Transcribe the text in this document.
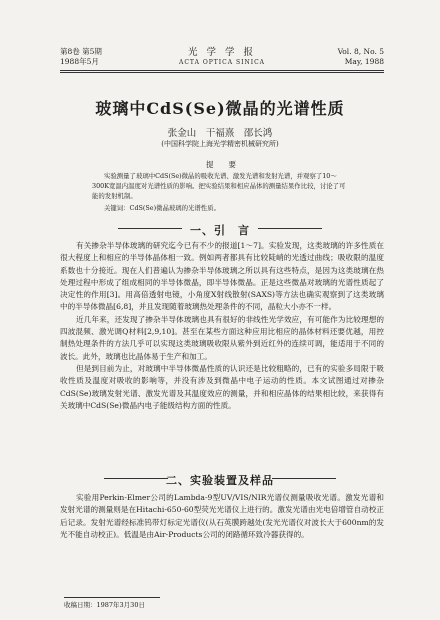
第8卷 第5期
1988年5月
光 学 学 报
ACTA OPTICA SINICA
Vol. 8, No. 5
May, 1988
玻璃中CdS(Se)微晶的光谱性质
张金山　干福熹　邵长鸿
(中国科学院上海光学精密机械研究所)
提　　要

实验测量了玻璃中CdS(Se)微晶的吸收光谱、激发光谱和发射光谱，并观察了10～300K宽温内温度对光谱性质的影响。把实验结果和相应晶体的测量结果作比较，讨论了可能的发射机制。

关键词：CdS(Se)微晶玻璃的光谱性质。

一、引　言

有关掺杂半导体玻璃的研究迄今已有不少的报道[1～7]。实验发现，这类玻璃的许多性质在很大程度上和相应的半导体晶体相一致。例如两者都具有比较陡峭的光透过曲线；吸收限的温度系数也十分接近。现在人们普遍认为掺杂半导体玻璃之所以具有这些特点，是因为这类玻璃在热处理过程中形成了组成相同的半导体微晶，即半导体微晶。正是这些微晶对玻璃的光谱性质起了决定性的作用[3]。用高倍透射电镜，小角度X射线散射(SAXS)等方法也确实观察到了这类玻璃中的半导体微晶[6,8]，并且发现随着玻璃热处理条件的不同，晶粒大小亦不一样。

近几年来，还发现了掺杂半导体玻璃也具有很好的非线性光学效应，有可能作为比较理想的四波混频、激光调Q材料[2,9,10]。甚至在某些方面这种应用比相应的晶体材料还要优越，用控制热处理条件的方法几乎可以实现这类玻璃吸收限从紫外到近红外的连续可调，能适用于不同的波长。此外，玻璃也比晶体易于生产和加工。

但是到目前为止，对玻璃中半导体微晶性质的认识还是比较粗略的，已有的实验多局限于吸收性质及温度对吸收的影响等，并没有涉及到微晶中电子运动的性质。本文试图通过对掺杂CdS(Se)玻璃发射光谱、激发光谱及其温度效应的测量，并和相应晶体的结果相比较，来获得有关玻璃中CdS(Se)微晶内电子能级结构方面的性质。

二、实验装置及样品

实验用Perkin-Elmer公司的Lambda-9型UV/VIS/NIR光谱仪测量吸收光谱。激发光谱和发射光谱的测量则是在Hitachi-650-60型荧光光谱仪上进行的。激发光谱由光电倍增管自动校正后记录。发射光谱经标准钨带灯标定光谱仪(从石英膜跨越处(发光光谱仪对波长大于600nm的发光不能自动校正)。低温是由Air-Products公司的闭路循环致冷器获得的。

收稿日期：1987年3月30日
